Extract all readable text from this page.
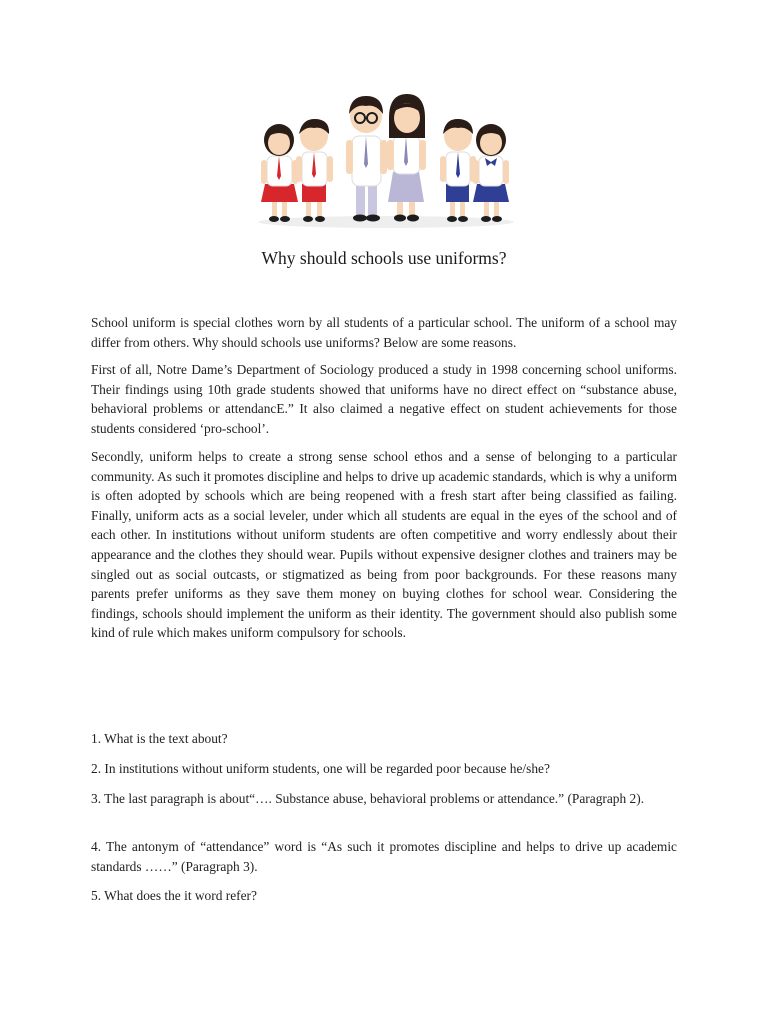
Why should schools use uniforms?

School uniform is special clothes worn by all students of a particular school. The uniform of a school may differ from others. Why should schools use uniforms? Below are some reasons.

First of all, Notre Dame’s Department of Sociology produced a study in 1998 concerning school uniforms. Their findings using 10th grade students showed that uniforms have no direct effect on “substance abuse, behavioral problems or attendancE.” It also claimed a negative effect on student achievements for those students considered ‘pro-school’.

Secondly, uniform helps to create a strong sense school ethos and a sense of belonging to a particular community. As such it promotes discipline and helps to drive up academic standards, which is why a uniform is often adopted by schools which are being reopened with a fresh start after being classified as failing. Finally, uniform acts as a social leveler, under which all students are equal in the eyes of the school and of each other. In institutions without uniform students are often competitive and worry endlessly about their appearance and the clothes they should wear. Pupils without expensive designer clothes and trainers may be singled out as social outcasts, or stigmatized as being from poor backgrounds. For these reasons many parents prefer uniforms as they save them money on buying clothes for school wear. Considering the findings, schools should implement the uniform as their identity. The government should also publish some kind of rule which makes uniform compulsory for schools.

1. What is the text about?

2. In institutions without uniform students, one will be regarded poor because he/she?

3. The last paragraph is about“…. Substance abuse, behavioral problems or attendance.” (Paragraph 2).

4. The antonym of “attendance” word is “As such it promotes discipline and helps to drive up academic standards ……” (Paragraph 3).

5. What does the it word refer?
